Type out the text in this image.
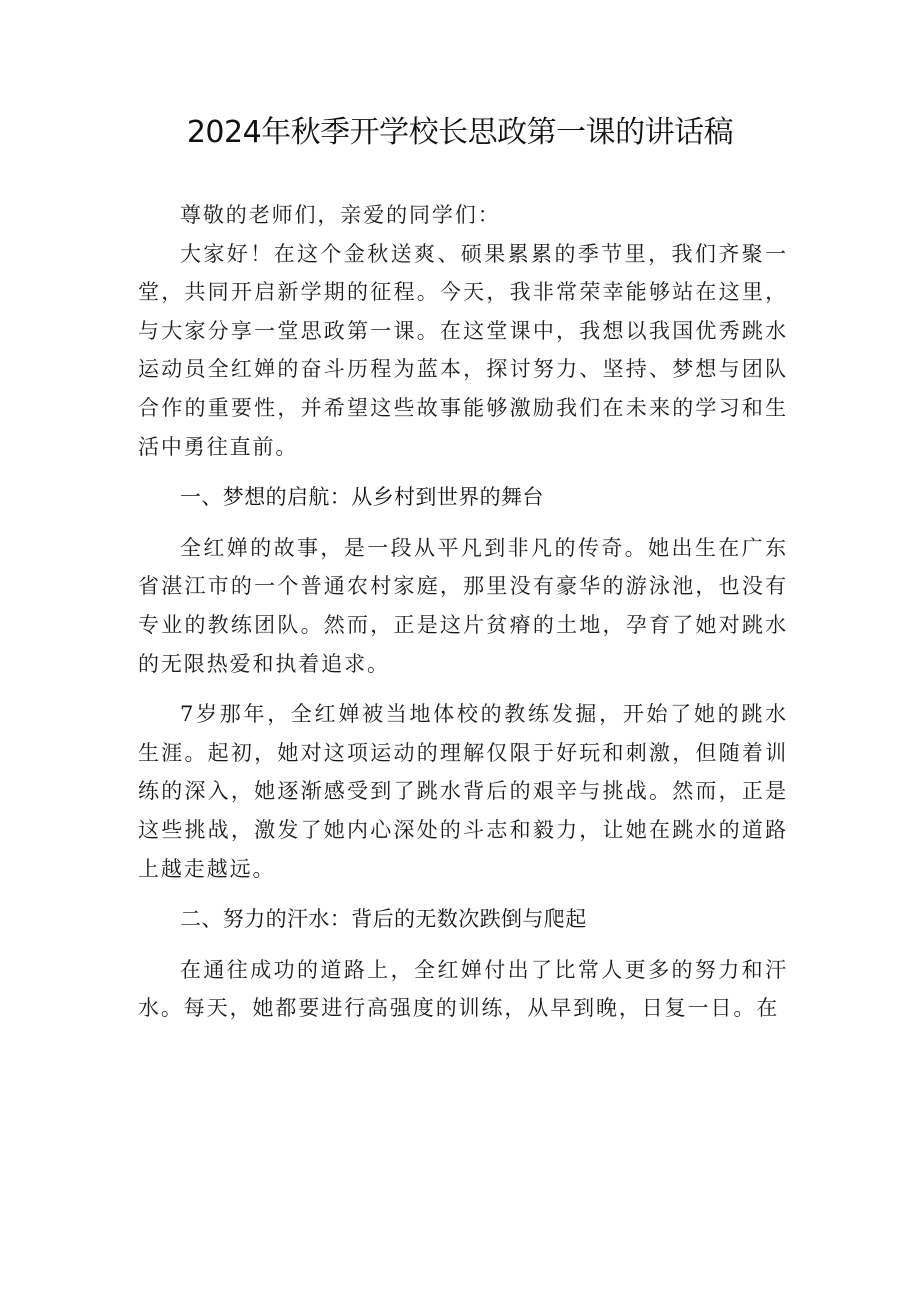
2024年秋季开学校长思政第一课的讲话稿

尊敬的老师们，亲爱的同学们：

大家好！在这个金秋送爽、硕果累累的季节里，我们齐聚一堂，共同开启新学期的征程。今天，我非常荣幸能够站在这里，与大家分享一堂思政第一课。在这堂课中，我想以我国优秀跳水运动员全红婵的奋斗历程为蓝本，探讨努力、坚持、梦想与团队合作的重要性，并希望这些故事能够激励我们在未来的学习和生活中勇往直前。

一、梦想的启航：从乡村到世界的舞台

全红婵的故事，是一段从平凡到非凡的传奇。她出生在广东省湛江市的一个普通农村家庭，那里没有豪华的游泳池，也没有专业的教练团队。然而，正是这片贫瘠的土地，孕育了她对跳水的无限热爱和执着追求。

7岁那年，全红婵被当地体校的教练发掘，开始了她的跳水生涯。起初，她对这项运动的理解仅限于好玩和刺激，但随着训练的深入，她逐渐感受到了跳水背后的艰辛与挑战。然而，正是这些挑战，激发了她内心深处的斗志和毅力，让她在跳水的道路上越走越远。

二、努力的汗水：背后的无数次跌倒与爬起

在通往成功的道路上，全红婵付出了比常人更多的努力和汗水。每天，她都要进行高强度的训练，从早到晚，日复一日。在
